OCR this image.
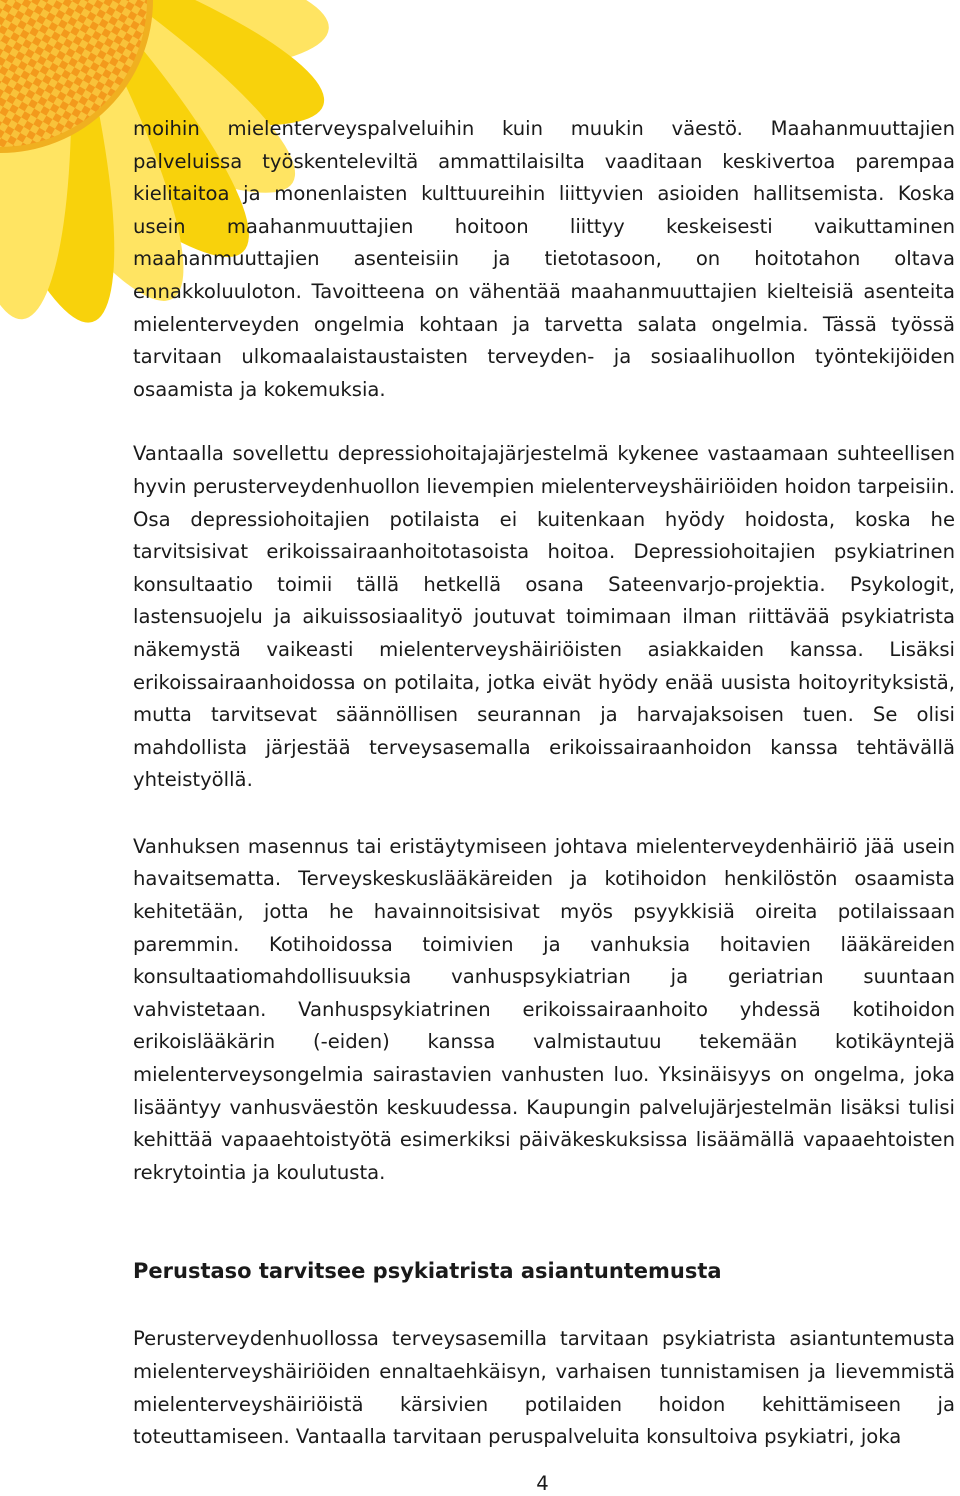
moihin mielenterveyspalveluihin kuin muukin väestö. Maahanmuuttajien palveluissa työskenteleviltä ammattilaisilta vaaditaan keskivertoa parempaa kielitaitoa ja monenlaisten kulttuureihin liittyvien asioiden hallitsemista. Koska usein maahanmuuttajien hoitoon liittyy keskeisesti vaikuttaminen maahanmuuttajien asenteisiin ja tietotasoon, on hoitotahon oltava ennakkoluuloton. Tavoitteena on vähentää maahanmuuttajien kielteisiä asenteita mielenterveyden ongelmia kohtaan ja tarvetta salata ongelmia. Tässä työssä tarvitaan ulkomaalaistaustaisten terveyden- ja sosiaalihuollon työntekijöiden osaamista ja kokemuksia.

Vantaalla sovellettu depressiohoitajajärjestelmä kykenee vastaamaan suhteellisen hyvin perusterveydenhuollon lievempien mielenterveyshäiriöiden hoidon tarpeisiin. Osa depressiohoitajien potilaista ei kuitenkaan hyödy hoidosta, koska he tarvitsisivat erikoissairaanhoitotasoista hoitoa. Depressiohoitajien psykiatrinen konsultaatio toimii tällä hetkellä osana Sateenvarjo-projektia. Psykologit, lastensuojelu ja aikuissosiaalityö joutuvat toimimaan ilman riittävää psykiatrista näkemystä vaikeasti mielenterveyshäiriöisten asiakkaiden kanssa. Lisäksi erikoissairaanhoidossa on potilaita, jotka eivät hyödy enää uusista hoitoyrityksistä, mutta tarvitsevat säännöllisen seurannan ja harvajaksoisen tuen. Se olisi mahdollista järjestää terveysasemalla erikoissairaanhoidon kanssa tehtävällä yhteistyöllä.

Vanhuksen masennus tai eristäytymiseen johtava mielenterveydenhäiriö jää usein havaitsematta. Terveyskeskuslääkäreiden ja kotihoidon henkilöstön osaamista kehitetään, jotta he havainnoitsisivat myös psyykkisiä oireita potilaissaan paremmin. Kotihoidossa toimivien ja vanhuksia hoitavien lääkäreiden konsultaatiomahdollisuuksia vanhuspsykiatrian ja geriatrian suuntaan vahvistetaan. Vanhuspsykiatrinen erikoissairaanhoito yhdessä kotihoidon erikoislääkärin (-eiden) kanssa valmistautuu tekemään kotikäyntejä mielenterveysongelmia sairastavien vanhusten luo. Yksinäisyys on ongelma, joka lisääntyy vanhusväestön keskuudessa. Kaupungin palvelujärjestelmän lisäksi tulisi kehittää vapaaehtoistyötä esimerkiksi päiväkeskuksissa lisäämällä vapaaehtoisten rekrytointia ja koulutusta.

Perustaso tarvitsee psykiatrista asiantuntemusta

Perusterveydenhuollossa terveysasemilla tarvitaan psykiatrista asiantuntemusta mielenterveyshäiriöiden ennaltaehkäisyn, varhaisen tunnistamisen ja lievemmistä mielenterveyshäiriöistä kärsivien potilaiden hoidon kehittämiseen ja toteuttamiseen. Vantaalla tarvitaan peruspalveluita konsultoiva psykiatri, joka

4
